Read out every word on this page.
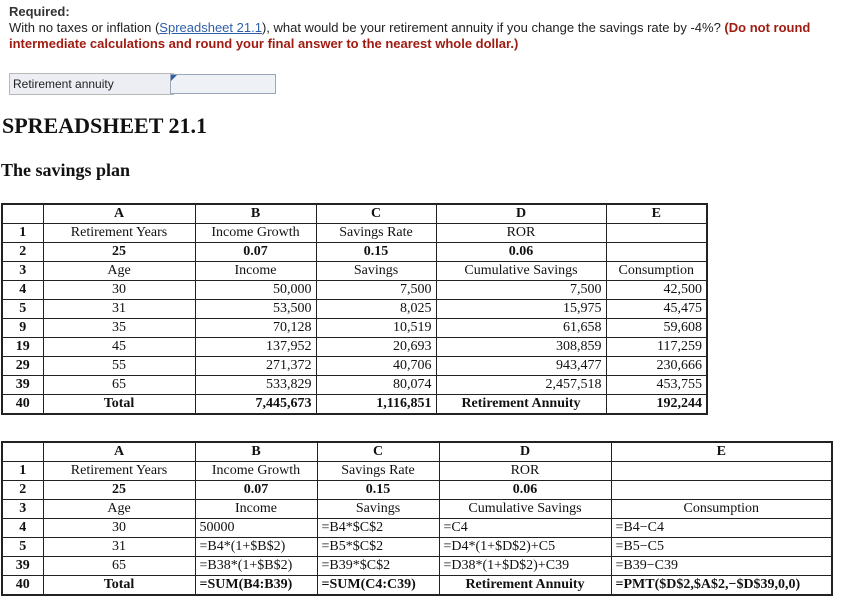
Required:
With no taxes or inflation (Spreadsheet 21.1), what would be your retirement annuity if you change the savings rate by -4%? (Do not round intermediate calculations and round your final answer to the nearest whole dollar.)
Retirement annuity
SPREADSHEET 21.1
The savings plan
	A	B	C	D	E
1	Retirement Years	Income Growth	Savings Rate	ROR	
2	25	0.07	0.15	0.06	
3	Age	Income	Savings	Cumulative Savings	Consumption
4	30	50,000	7,500	7,500	42,500
5	31	53,500	8,025	15,975	45,475
9	35	70,128	10,519	61,658	59,608
19	45	137,952	20,693	308,859	117,259
29	55	271,372	40,706	943,477	230,666
39	65	533,829	80,074	2,457,518	453,755
40	Total	7,445,673	1,116,851	Retirement Annuity	192,244
	A	B	C	D	E
1	Retirement Years	Income Growth	Savings Rate	ROR	
2	25	0.07	0.15	0.06	
3	Age	Income	Savings	Cumulative Savings	Consumption
4	30	50000	=B4*$C$2	=C4	=B4−C4
5	31	=B4*(1+$B$2)	=B5*$C$2	=D4*(1+$D$2)+C5	=B5−C5
39	65	=B38*(1+$B$2)	=B39*$C$2	=D38*(1+$D$2)+C39	=B39−C39
40	Total	=SUM(B4:B39)	=SUM(C4:C39)	Retirement Annuity	=PMT($D$2,$A$2,−$D$39,0,0)
